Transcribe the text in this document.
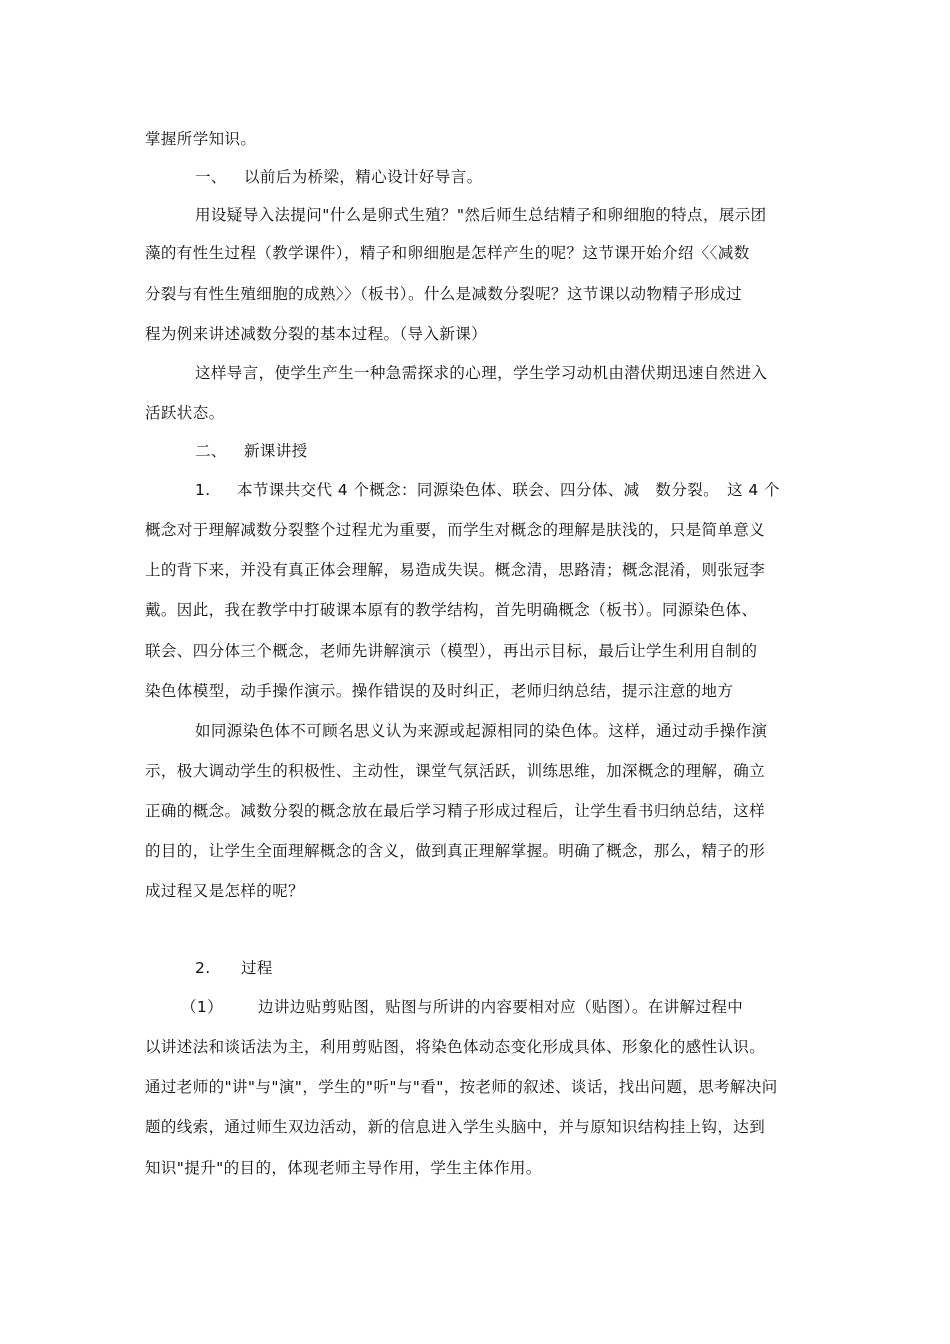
掌握所学知识。
一、 以前后为桥梁，精心设计好导言。
用设疑导入法提问"什么是卵式生殖？"然后师生总结精子和卵细胞的特点，展示团
藻的有性生过程（教学课件），精子和卵细胞是怎样产生的呢？这节课开始介绍〈〈减数
分裂与有性生殖细胞的成熟〉〉（板书）。什么是减数分裂呢？这节课以动物精子形成过
程为例来讲述减数分裂的基本过程。（导入新课）
这样导言，使学生产生一种急需探求的心理，学生学习动机由潜伏期迅速自然进入
活跃状态。
二、 新课讲授
1. 本节课共交代 4 个概念：同源染色体、联会、四分体、减　数分裂。　这 4 个
概念对于理解减数分裂整个过程尤为重要，而学生对概念的理解是肤浅的，只是简单意义
上的背下来，并没有真正体会理解，易造成失误。概念清，思路清；概念混淆，则张冠李
戴。因此，我在教学中打破课本原有的教学结构，首先明确概念（板书）。同源染色体、
联会、四分体三个概念，老师先讲解演示（模型），再出示目标，最后让学生利用自制的
染色体模型，动手操作演示。操作错误的及时纠正，老师归纳总结，提示注意的地方
如同源染色体不可顾名思义认为来源或起源相同的染色体。这样，通过动手操作演
示，极大调动学生的积极性、主动性，课堂气氛活跃，训练思维，加深概念的理解，确立
正确的概念。减数分裂的概念放在最后学习精子形成过程后，让学生看书归纳总结，这样
的目的，让学生全面理解概念的含义，做到真正理解掌握。明确了概念，那么，精子的形
成过程又是怎样的呢？
2. 过程
（1） 边讲边贴剪贴图，贴图与所讲的内容要相对应（贴图）。在讲解过程中
以讲述法和谈话法为主，利用剪贴图，将染色体动态变化形成具体、形象化的感性认识。
通过老师的"讲"与"演"，学生的"听"与"看"，按老师的叙述、谈话，找出问题，思考解决问
题的线索，通过师生双边活动，新的信息进入学生头脑中，并与原知识结构挂上钩，达到
知识"提升"的目的，体现老师主导作用，学生主体作用。
